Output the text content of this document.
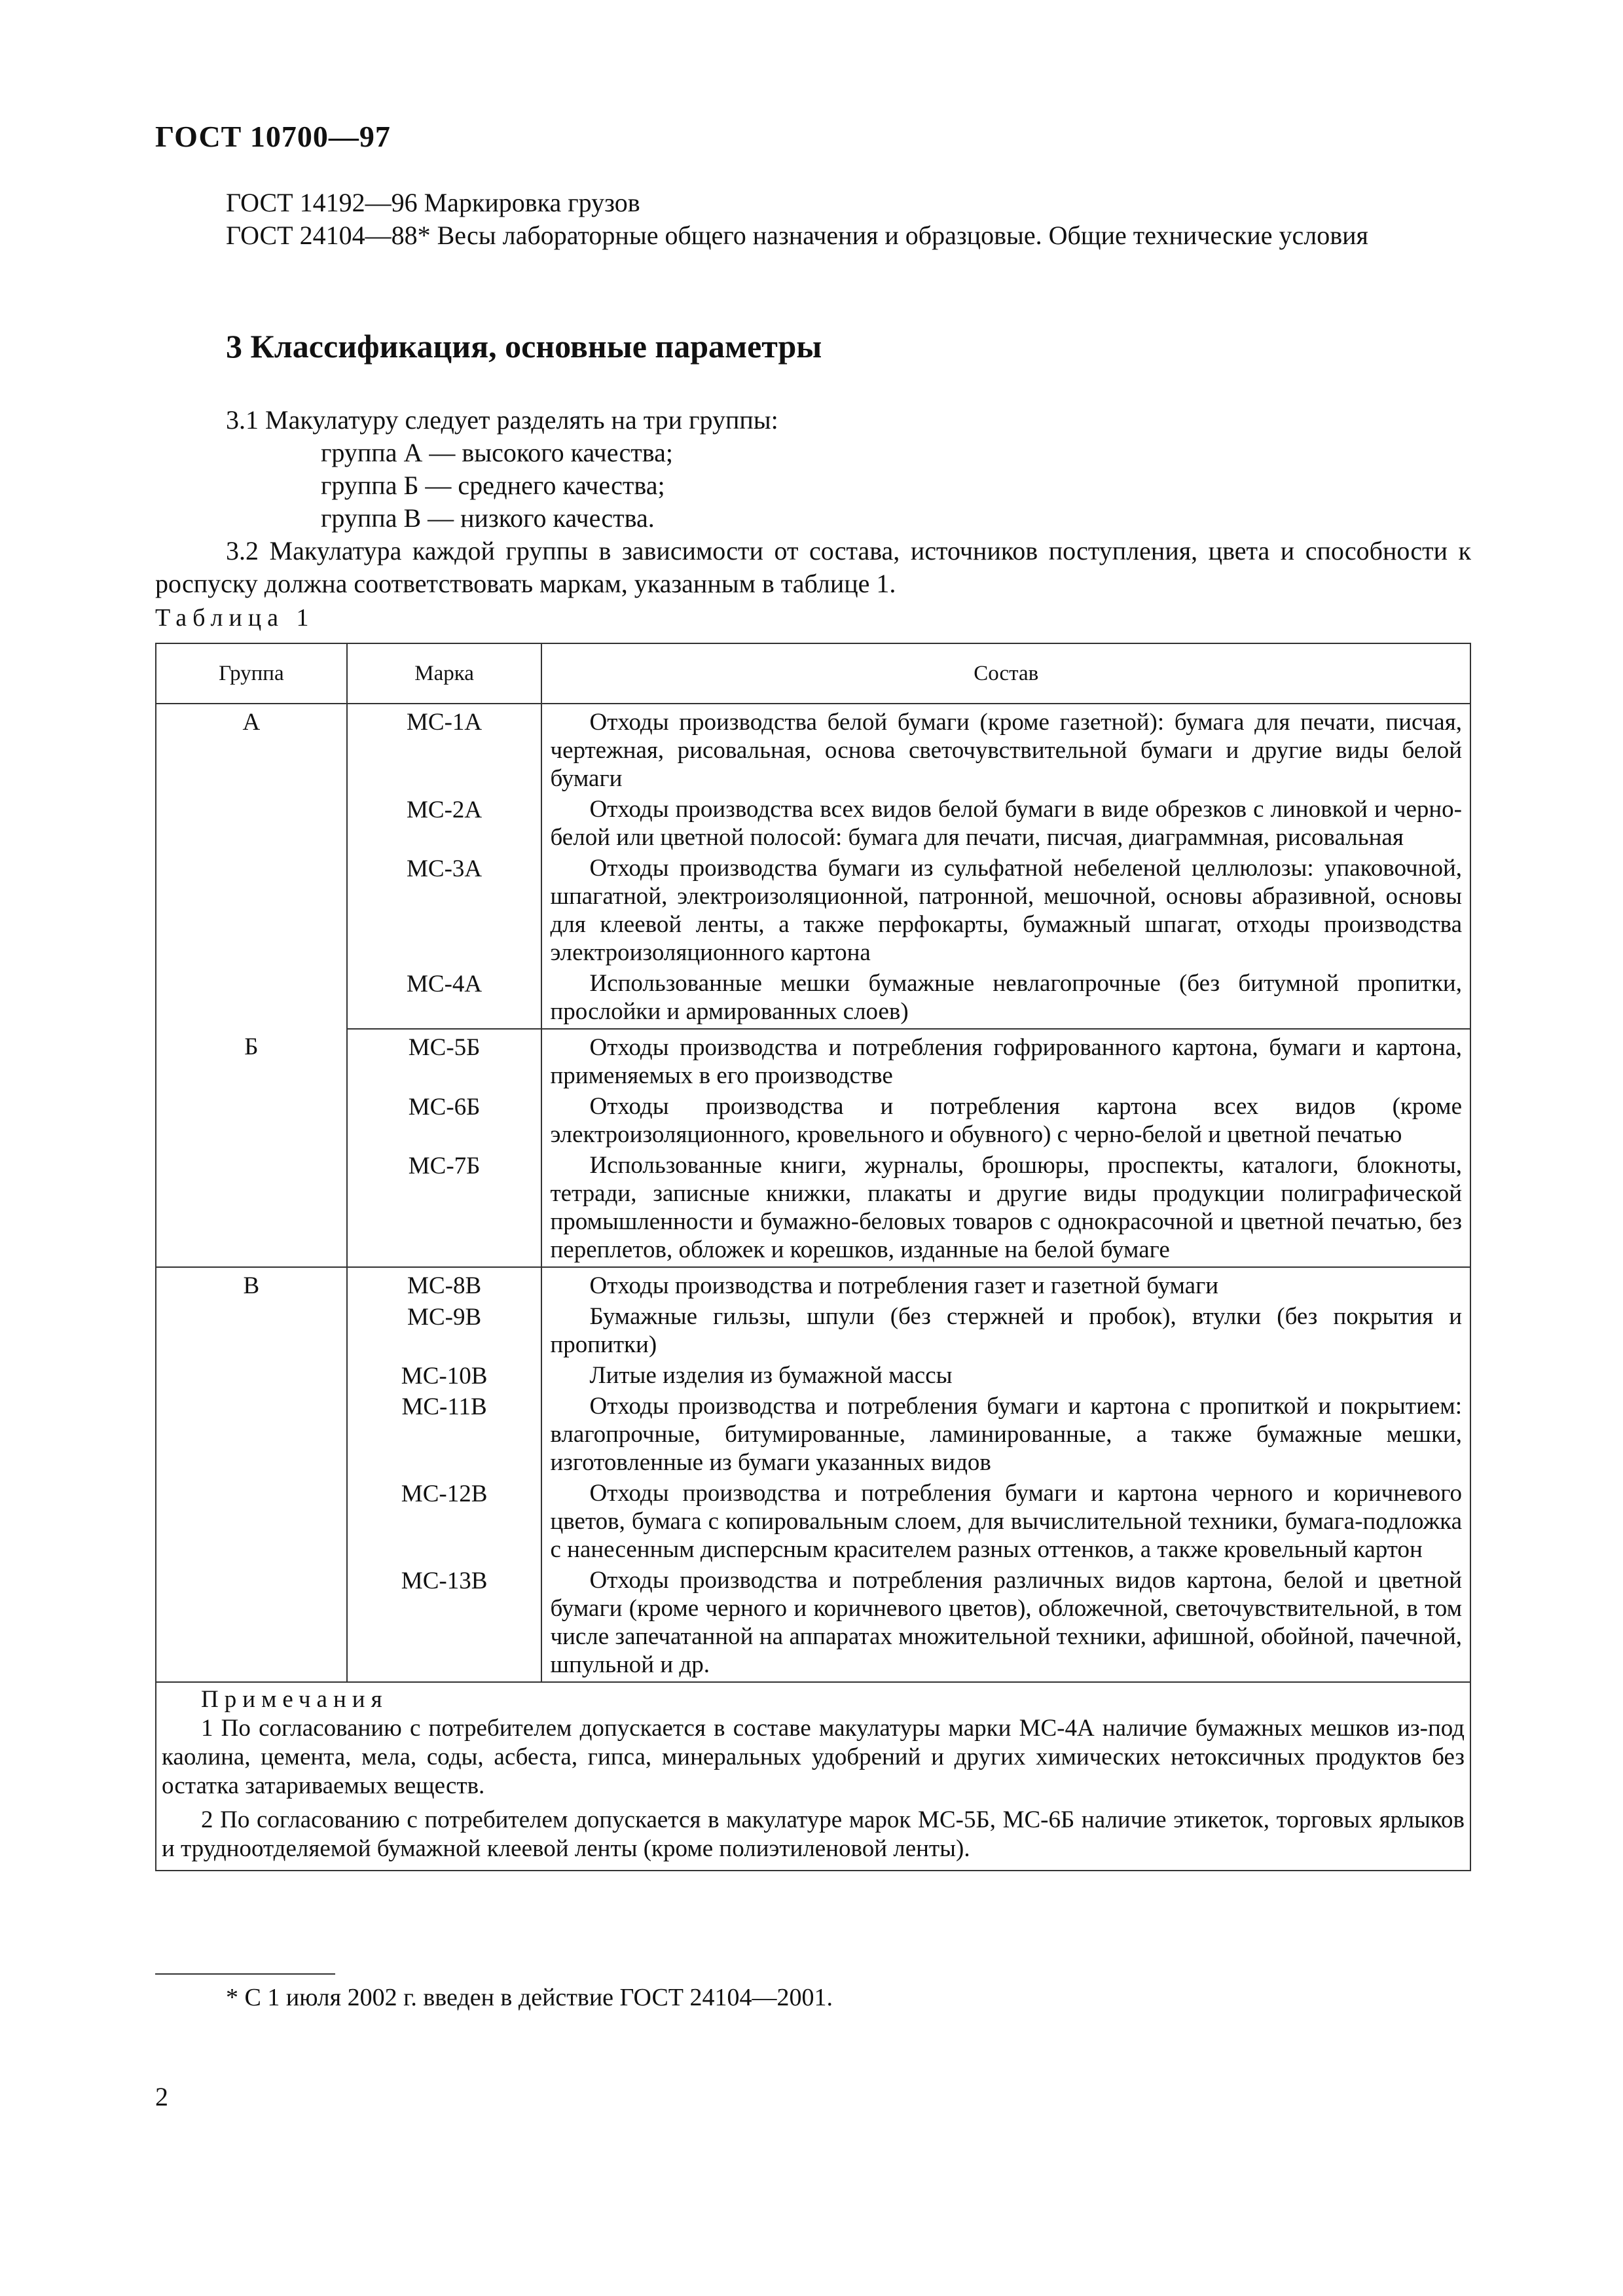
ГОСТ 10700—97
ГОСТ 14192—96 Маркировка грузов
ГОСТ 24104—88* Весы лабораторные общего назначения и образцовые. Общие технические условия
3 Классификация, основные параметры
3.1 Макулатуру следует разделять на три группы:
группа А — высокого качества;
группа Б — среднего качества;
группа В — низкого качества.
3.2 Макулатура каждой группы в зависимости от состава, источников поступления, цвета и способности к роспуску должна соответствовать маркам, указанным в таблице 1.
Таблица 1
Группа	Марка	Состав
А	МС-1А	Отходы производства белой бумаги (кроме газетной): бумага для печати, писчая, чертежная, рисовальная, основа светочувствительной бумаги и другие виды белой бумаги
	МС-2А	Отходы производства всех видов белой бумаги в виде обрезков с линовкой и черно-белой или цветной полосой: бумага для печати, писчая, диаграммная, рисовальная
	МС-3А	Отходы производства бумаги из сульфатной небеленой целлюлозы: упаковочной, шпагатной, электроизоляционной, патронной, мешочной, основы абразивной, основы для клеевой ленты, а также перфокарты, бумажный шпагат, отходы производства электроизоляционного картона
	МС-4А	Использованные мешки бумажные невлагопрочные (без битумной пропитки, прослойки и армированных слоев)
Б	МС-5Б	Отходы производства и потребления гофрированного картона, бумаги и картона, применяемых в его производстве
	МС-6Б	Отходы производства и потребления картона всех видов (кроме электроизоляционного, кровельного и обувного) с черно-белой и цветной печатью
	МС-7Б	Использованные книги, журналы, брошюры, проспекты, каталоги, блокноты, тетради, записные книжки, плакаты и другие виды продукции полиграфической промышленности и бумажно-беловых товаров с однокрасочной и цветной печатью, без переплетов, обложек и корешков, изданные на белой бумаге
В	МС-8В	Отходы производства и потребления газет и газетной бумаги
	МС-9В	Бумажные гильзы, шпули (без стержней и пробок), втулки (без покрытия и пропитки)
	МС-10В	Литые изделия из бумажной массы
	МС-11В	Отходы производства и потребления бумаги и картона с пропиткой и покрытием: влагопрочные, битумированные, ламинированные, а также бумажные мешки, изготовленные из бумаги указанных видов
	МС-12В	Отходы производства и потребления бумаги и картона черного и коричневого цветов, бумага с копировальным слоем, для вычислительной техники, бумага-подложка с нанесенным дисперсным красителем разных оттенков, а также кровельный картон
	МС-13В	Отходы производства и потребления различных видов картона, белой и цветной бумаги (кроме черного и коричневого цветов), обложечной, светочувствительной, в том числе запечатанной на аппаратах множительной техники, афишной, обойной, пачечной, шпульной и др.

Примечания
1 По согласованию с потребителем допускается в составе макулатуры марки МС-4А наличие бумажных мешков из-под каолина, цемента, мела, соды, асбеста, гипса, минеральных удобрений и других химических нетоксичных продуктов без остатка затариваемых веществ.
2 По согласованию с потребителем допускается в макулатуре марок МС-5Б, МС-6Б наличие этикеток, торговых ярлыков и трудноотделяемой бумажной клеевой ленты (кроме полиэтиленовой ленты).		
* С 1 июля 2002 г. введен в действие ГОСТ 24104—2001.
2
